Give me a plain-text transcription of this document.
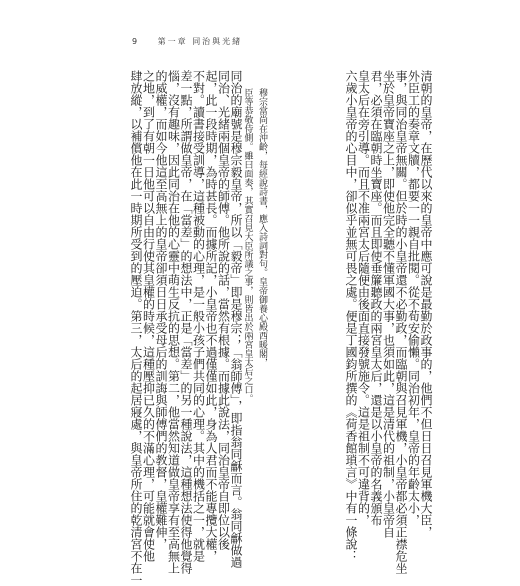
9 第一章 同治與光緒
清朝的皇帝，在歷代以來的皇帝中應可說是最勤於政事的，他們不但日日召見軍機大臣，
外臣工的奏章文牘，都要一一親自批閱。從不荀安偷懶。同治初年，皇帝的年齡太小，
事，與同治皇帝無關。但於時的小皇帝還不必勤政，而臨朝與召見軍機，小皇帝都必須正襟危坐
坐於皇帝寶座之上，即使他完全聽不懂軍國大事，也須如此，這是清代的祖制，小皇帝自
君，必須在臨朝時坐寶座。而且即使垂簾聽政的兩宮皇太后，還是以小皇帝的名義頒布
皇太后在旁引導。而且不准兩宮太后隨便由後面直接發號施令。這是祖制不可違背的，
六歲小皇帝的心目中，卻似乎並無可畏之處。便是丁國鈞所撰的《荷香館瑣言》中有一條說：
穆宗當尚在沖齡，每經說詩書，應入詩詞對句。皇帝御養心殿西暖閣，
臣等恭敬侍側。雖曰面奏，其實召見大臣所議之事，則皆出於兩宮皇太后之口。
同治的廟號是穆宗毅皇帝，所以「毅帝」即是穆宗；「翁師傅」，即指翁同龢而言。翁同龢做過
同治、光緒兩個皇帝的師傅。他所說的話，當然有根據。而據此說法，同治皇帝自即位以後
起，此一段時期，為時甚長。而據所記，小皇帝也不過僅僅如此，身為人君而不能專攬大權，
不對。讀書接受訓導，這種被動的心理，是一般小孩子們共同的心理。其中的機括之一，就是
差一點，所謂做皇帝，在「當差」的想法中，正是「當差」的另一種說法，這種想法使得他覺得
惱，沒有趣味，因此同治在他的心靈中萌生反抗的思想。第二，他當然知道做皇帝享有至高無上
的威權，而如今他這至高無上的皇帝卻須日日承受母后的訓誨與師傅們的教督，皇權難伸，
之地，到了有朝一日他可以自由行使其皇權的時候，這種壓抑已久的不滿心理，可能就會使他
肆放縱，以補償他在此一時期所受到的壓迫。第三，太后的起居寢處，與皇帝所住的乾清宮不在一
